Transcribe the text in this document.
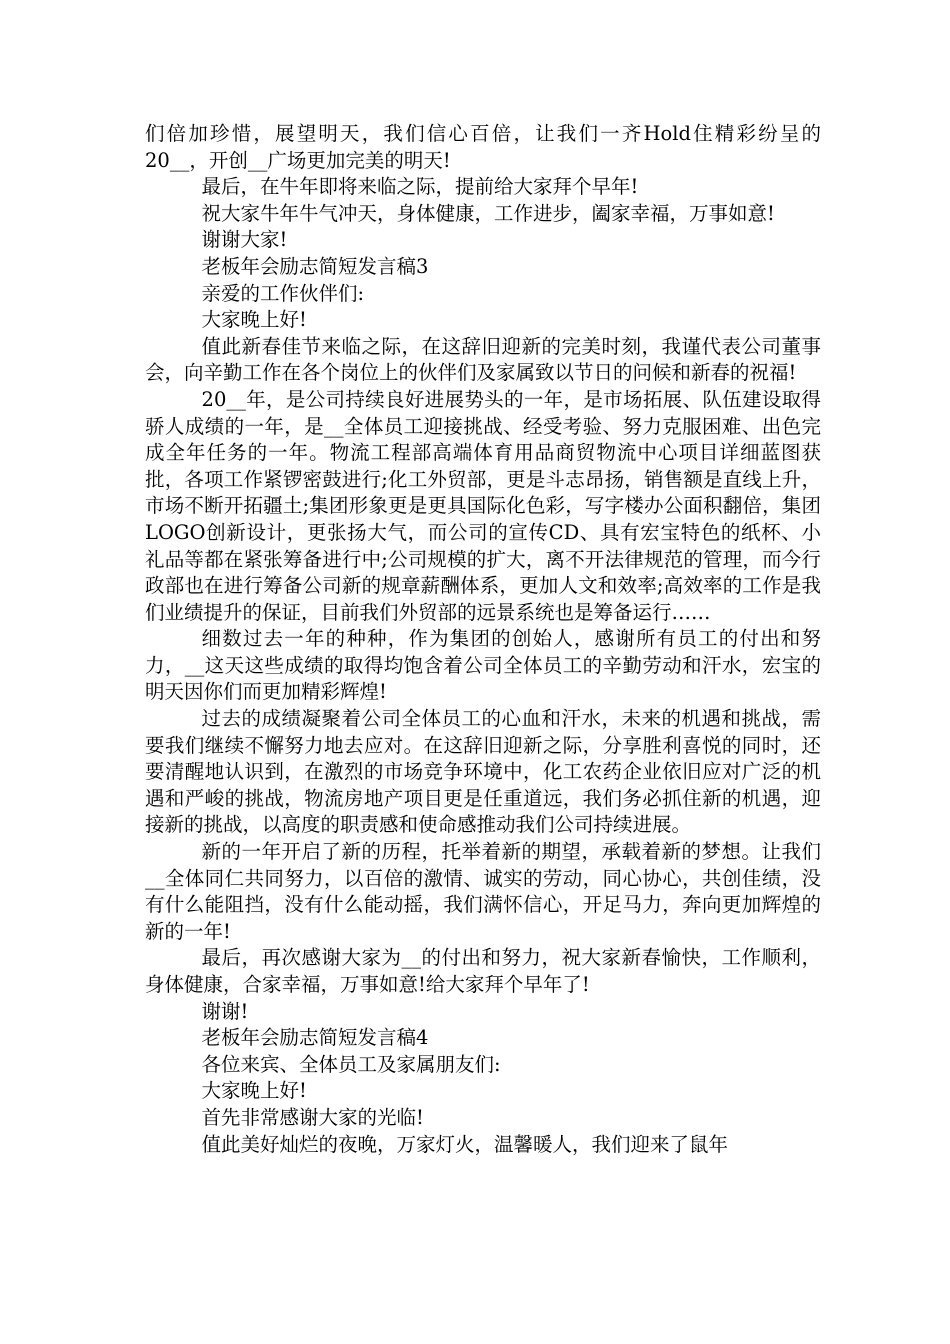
们倍加珍惜，展望明天，我们信心百倍，让我们一齐Hold住精彩纷呈的20__，开创__广场更加完美的明天!

最后，在牛年即将来临之际，提前给大家拜个早年!

祝大家牛年牛气冲天，身体健康，工作进步，阖家幸福，万事如意!

谢谢大家!

老板年会励志简短发言稿3

亲爱的工作伙伴们:

大家晚上好!

值此新春佳节来临之际，在这辞旧迎新的完美时刻，我谨代表公司董事会，向辛勤工作在各个岗位上的伙伴们及家属致以节日的问候和新春的祝福!

20__年，是公司持续良好进展势头的一年，是市场拓展、队伍建设取得骄人成绩的一年，是__全体员工迎接挑战、经受考验、努力克服困难、出色完成全年任务的一年。物流工程部高端体育用品商贸物流中心项目详细蓝图获批，各项工作紧锣密鼓进行;化工外贸部，更是斗志昂扬，销售额是直线上升，市场不断开拓疆土;集团形象更是更具国际化色彩，写字楼办公面积翻倍，集团LOGO创新设计，更张扬大气，而公司的宣传CD、具有宏宝特色的纸杯、小礼品等都在紧张筹备进行中;公司规模的扩大，离不开法律规范的管理，而今行政部也在进行筹备公司新的规章薪酬体系，更加人文和效率;高效率的工作是我们业绩提升的保证，目前我们外贸部的远景系统也是筹备运行……

细数过去一年的种种，作为集团的创始人，感谢所有员工的付出和努力，__这天这些成绩的取得均饱含着公司全体员工的辛勤劳动和汗水，宏宝的明天因你们而更加精彩辉煌!

过去的成绩凝聚着公司全体员工的心血和汗水，未来的机遇和挑战，需要我们继续不懈努力地去应对。在这辞旧迎新之际，分享胜利喜悦的同时，还要清醒地认识到，在激烈的市场竞争环境中，化工农药企业依旧应对广泛的机遇和严峻的挑战，物流房地产项目更是任重道远，我们务必抓住新的机遇，迎接新的挑战，以高度的职责感和使命感推动我们公司持续进展。

新的一年开启了新的历程，托举着新的期望，承载着新的梦想。让我们__全体同仁共同努力，以百倍的激情、诚实的劳动，同心协心，共创佳绩，没有什么能阻挡，没有什么能动摇，我们满怀信心，开足马力，奔向更加辉煌的新的一年!

最后，再次感谢大家为__的付出和努力，祝大家新春愉快，工作顺利，身体健康，合家幸福，万事如意!给大家拜个早年了!

谢谢!

老板年会励志简短发言稿4

各位来宾、全体员工及家属朋友们:

大家晚上好!

首先非常感谢大家的光临!

值此美好灿烂的夜晚，万家灯火，温馨暖人，我们迎来了鼠年
